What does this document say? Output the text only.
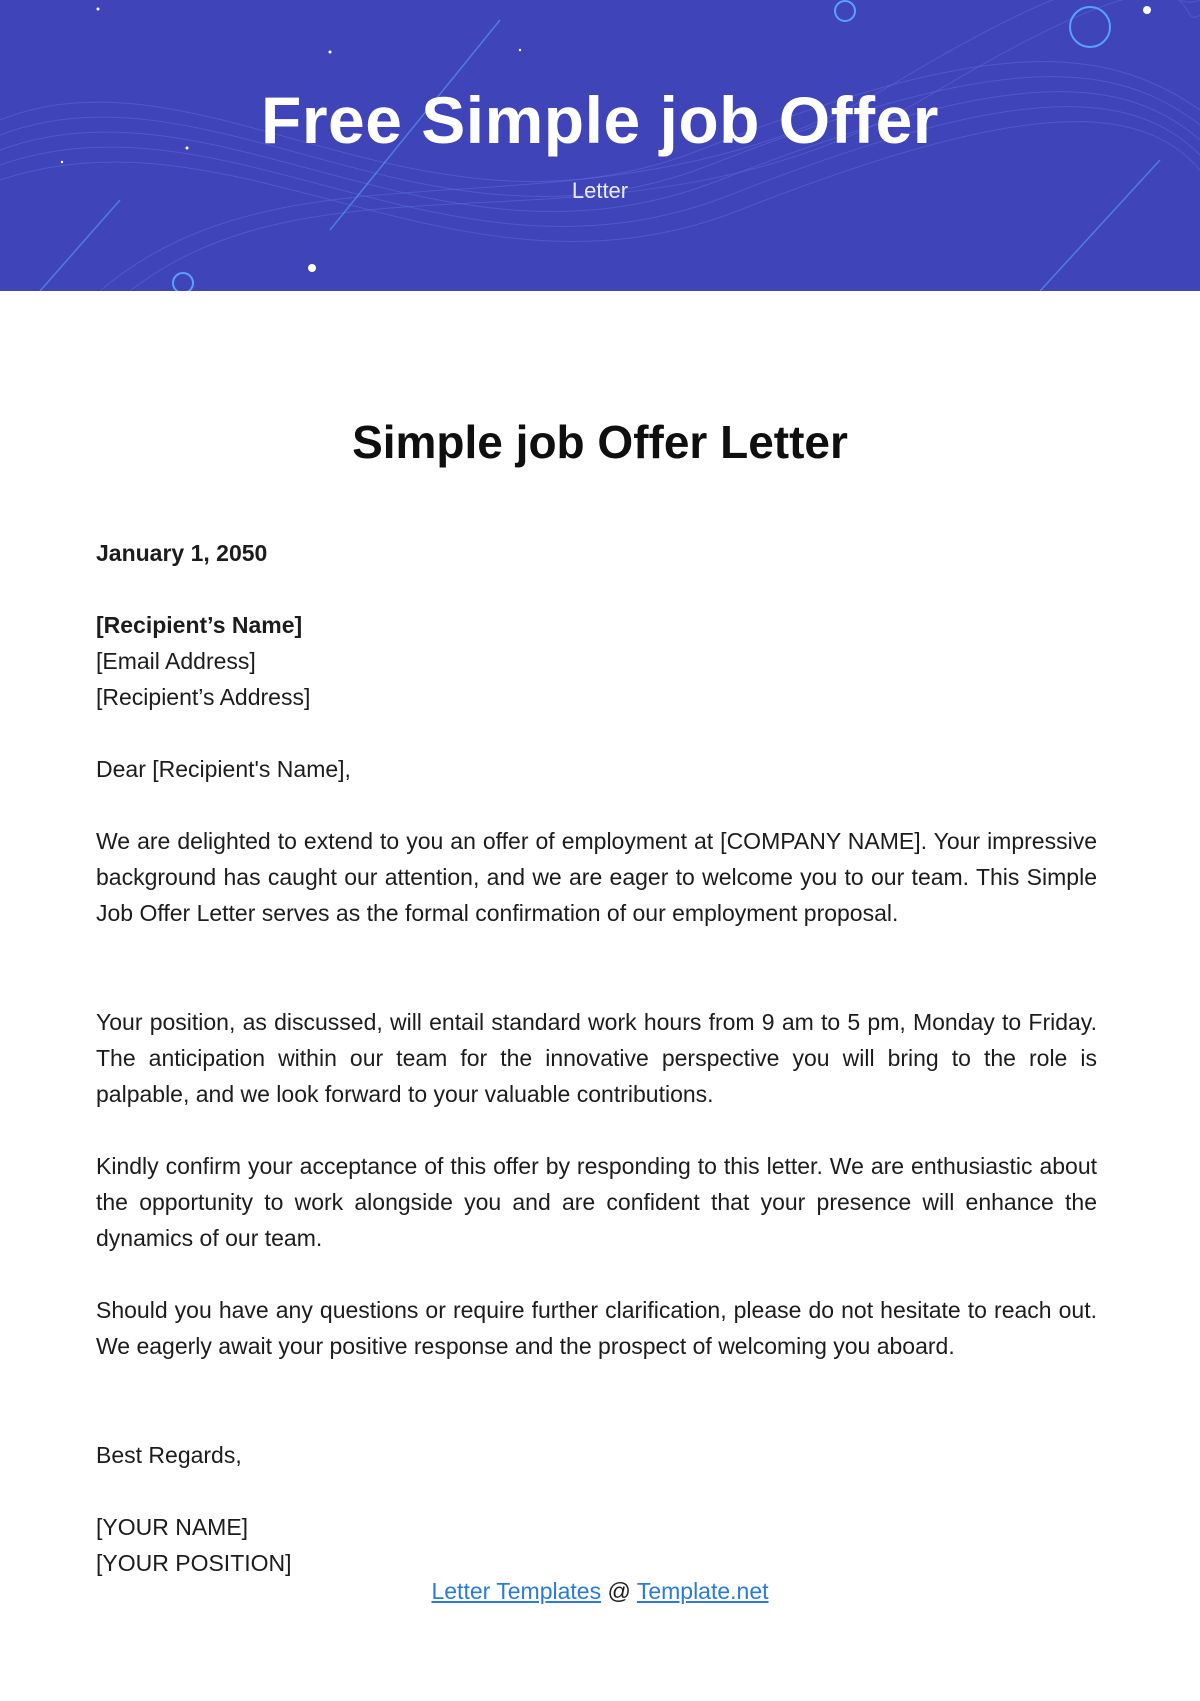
Free Simple job Offer
Letter
Simple job Offer Letter
January 1, 2050
[Recipient’s Name]
[Email Address]
[Recipient’s Address]
Dear [Recipient's Name],
We are delighted to extend to you an offer of employment at [COMPANY NAME]. Your impressive background has caught our attention, and we are eager to welcome you to our team. This Simple Job Offer Letter serves as the formal confirmation of our employment proposal.
Your position, as discussed, will entail standard work hours from 9 am to 5 pm, Monday to Friday. The anticipation within our team for the innovative perspective you will bring to the role is palpable, and we look forward to your valuable contributions.
Kindly confirm your acceptance of this offer by responding to this letter. We are enthusiastic about the opportunity to work alongside you and are confident that your presence will enhance the dynamics of our team.
Should you have any questions or require further clarification, please do not hesitate to reach out. We eagerly await your positive response and the prospect of welcoming you aboard.
Best Regards,
[YOUR NAME]
[YOUR POSITION]
Letter Templates @ Template.net
